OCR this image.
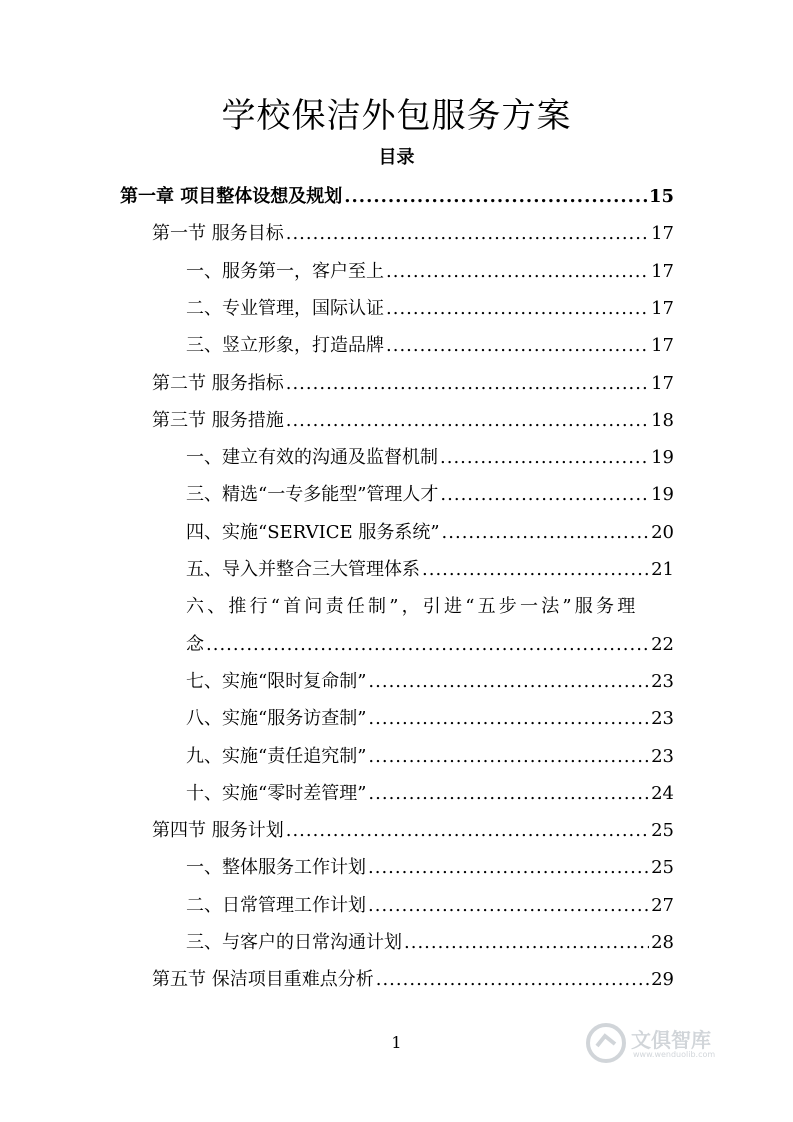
学校保洁外包服务方案
目录
第一章 项目整体设想及规划 .....	15
第一节 服务目标 .....	17
一、服务第一，客户至上 .....	17
二、专业管理，国际认证 .....	17
三、竖立形象，打造品牌 .....	17
第二节 服务指标 .....	17
第三节 服务措施 .....	18
一、建立有效的沟通及监督机制 .....	19
三、精选“一专多能型”管理人才 .....	19
四、实施“SERVICE 服务系统” .....	20
五、导入并整合三大管理体系 .....	21
六、推行“首问责任制”，引进“五步一法”服务理
念 .....	22
七、实施“限时复命制” .....	23
八、实施“服务访查制” .....	23
九、实施“责任追究制” .....	23
十、实施“零时差管理” .....	24
第四节 服务计划 .....	25
一、整体服务工作计划 .....	25
二、日常管理工作计划 .....	27
三、与客户的日常沟通计划 .....	28
第五节 保洁项目重难点分析 .....	29
1	文俱智库
www.wenduolib.com
